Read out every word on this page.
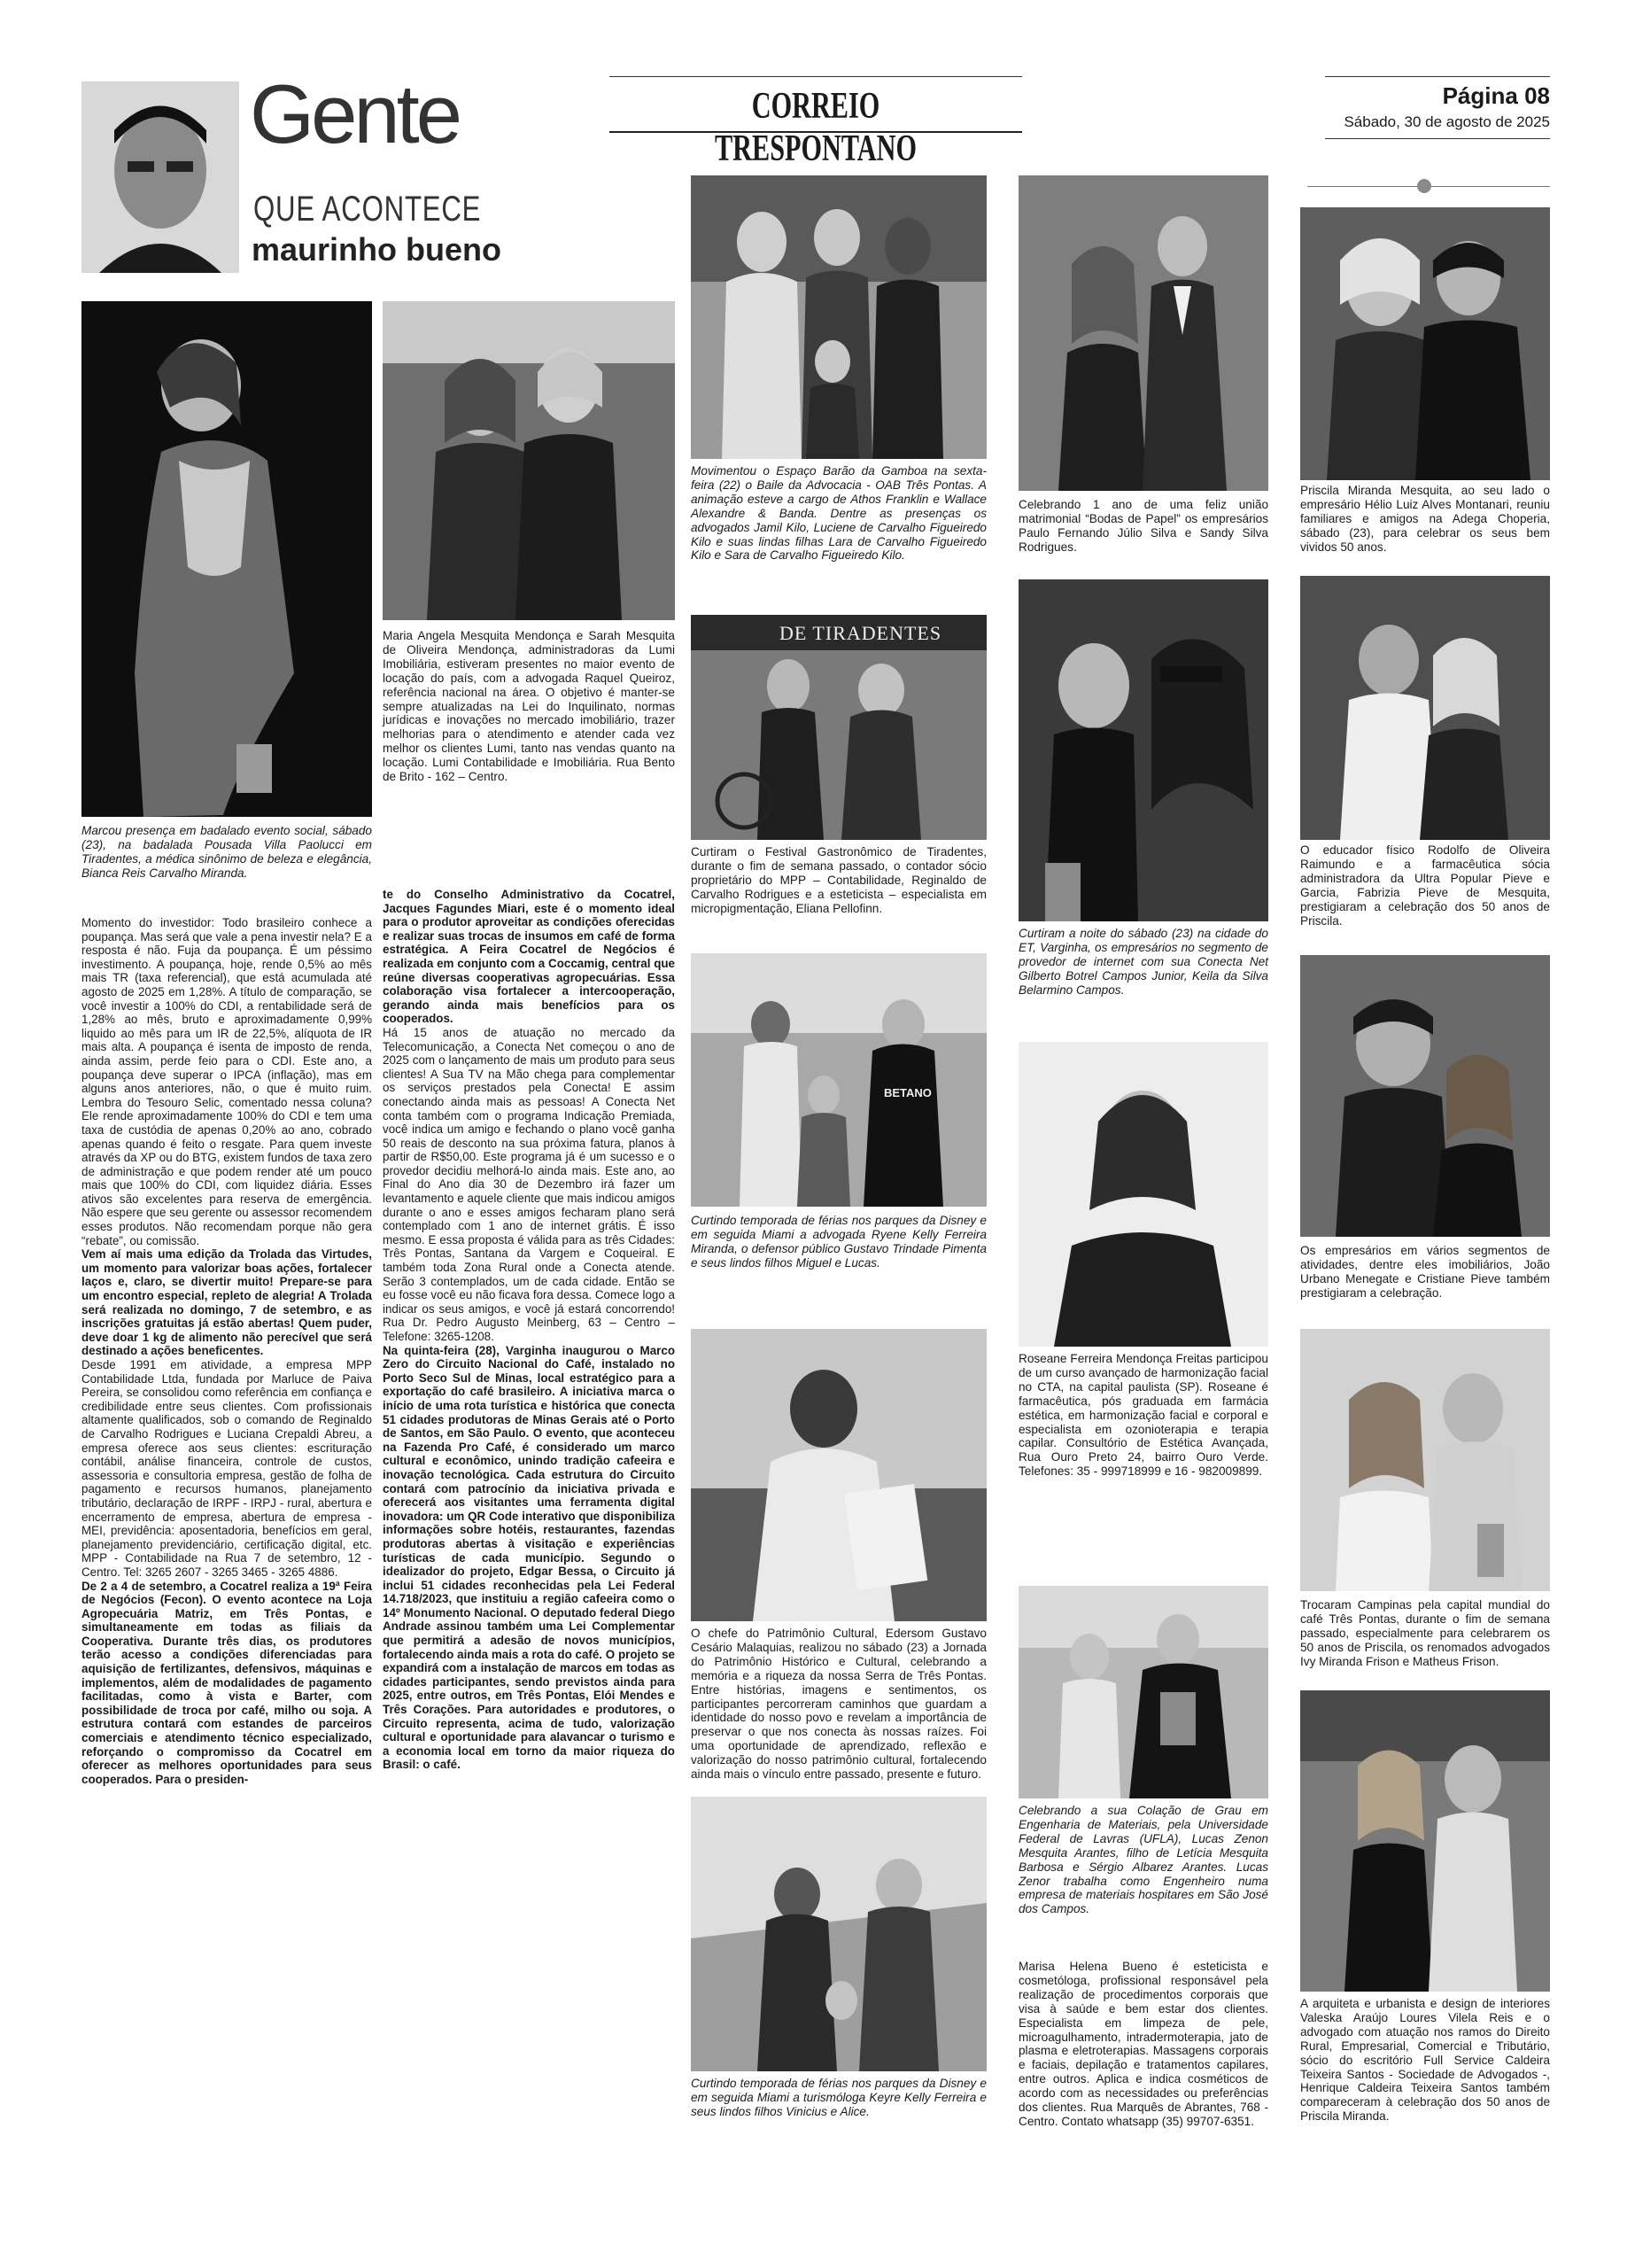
Gente
QUE ACONTECE
maurinho bueno
CORREIO TRESPONTANO
Página 08
Sábado, 30 de agosto de 2025
Marcou presença em badalado evento social, sábado (23), na badalada Pousada Villa Paolucci em Tiradentes, a médica sinônimo de beleza e elegância, Bianca Reis Carvalho Miranda.

Momento do investidor: Todo brasileiro conhece a poupança. Mas será que vale a pena investir nela? E a resposta é não. Fuja da poupança. É um péssimo investimento. A poupança, hoje, rende 0,5% ao mês mais TR (taxa referencial), que está acumulada até agosto de 2025 em 1,28%. A título de comparação, se você investir a 100% do CDI, a rentabilidade será de 1,28% ao mês, bruto e aproximadamente 0,99% liquido ao mês para um IR de 22,5%, alíquota de IR mais alta. A poupança é isenta de imposto de renda, ainda assim, perde feio para o CDI. Este ano, a poupança deve superar o IPCA (inflação), mas em alguns anos anteriores, não, o que é muito ruim. Lembra do Tesouro Selic, comentado nessa coluna? Ele rende aproximadamente 100% do CDI e tem uma taxa de custódia de apenas 0,20% ao ano, cobrado apenas quando é feito o resgate. Para quem investe através da XP ou do BTG, existem fundos de taxa zero de administração e que podem render até um pouco mais que 100% do CDI, com liquidez diária. Esses ativos são excelentes para reserva de emergência. Não espere que seu gerente ou assessor recomendem esses produtos. Não recomendam porque não gera “rebate”, ou comissão.

Vem aí mais uma edição da Trolada das Virtudes, um momento para valorizar boas ações, fortalecer laços e, claro, se divertir muito! Prepare-se para um encontro especial, repleto de alegria! A Trolada será realizada no domingo, 7 de setembro, e as inscrições gratuitas já estão abertas! Quem puder, deve doar 1 kg de alimento não perecível que será destinado a ações beneficentes.

Desde 1991 em atividade, a empresa MPP Contabilidade Ltda, fundada por Marluce de Paiva Pereira, se consolidou como referência em confiança e credibilidade entre seus clientes. Com profissionais altamente qualificados, sob o comando de Reginaldo de Carvalho Rodrigues e Luciana Crepaldi Abreu, a empresa oferece aos seus clientes: escrituração contábil, análise financeira, controle de custos, assessoria e consultoria empresa, gestão de folha de pagamento e recursos humanos, planejamento tributário, declaração de IRPF - IRPJ - rural, abertura e encerramento de empresa, abertura de empresa - MEI, previdência: aposentadoria, benefícios em geral, planejamento previdenciário, certificação digital, etc. MPP - Contabilidade na Rua 7 de setembro, 12 - Centro. Tel: 3265 2607 - 3265 3465 - 3265 4886.

De 2 a 4 de setembro, a Cocatrel realiza a 19ª Feira de Negócios (Fecon). O evento acontece na Loja Agropecuária Matriz, em Três Pontas, e simultaneamente em todas as filiais da Cooperativa. Durante três dias, os produtores terão acesso a condições diferenciadas para aquisição de fertilizantes, defensivos, máquinas e implementos, além de modalidades de pagamento facilitadas, como à vista e Barter, com possibilidade de troca por café, milho ou soja. A estrutura contará com estandes de parceiros comerciais e atendimento técnico especializado, reforçando o compromisso da Cocatrel em oferecer as melhores oportunidades para seus cooperados. Para o presiden-

Maria Angela Mesquita Mendonça e Sarah Mesquita de Oliveira Mendonça, administradoras da Lumi Imobiliária, estiveram presentes no maior evento de locação do país, com a advogada Raquel Queiroz, referência nacional na área. O objetivo é manter-se sempre atualizadas na Lei do Inquilinato, normas jurídicas e inovações no mercado imobiliário, trazer melhorias para o atendimento e atender cada vez melhor os clientes Lumi, tanto nas vendas quanto na locação. Lumi Contabilidade e Imobiliária. Rua Bento de Brito - 162 – Centro.

te do Conselho Administrativo da Cocatrel, Jacques Fagundes Miari, este é o momento ideal para o produtor aproveitar as condições oferecidas e realizar suas trocas de insumos em café de forma estratégica. A Feira Cocatrel de Negócios é realizada em conjunto com a Coccamig, central que reúne diversas cooperativas agropecuárias. Essa colaboração visa fortalecer a intercooperação, gerando ainda mais benefícios para os cooperados.

Há 15 anos de atuação no mercado da Telecomunicação, a Conecta Net começou o ano de 2025 com o lançamento de mais um produto para seus clientes! A Sua TV na Mão chega para complementar os serviços prestados pela Conecta! E assim conectando ainda mais as pessoas! A Conecta Net conta também com o programa Indicação Premiada, você indica um amigo e fechando o plano você ganha 50 reais de desconto na sua próxima fatura, planos à partir de R$50,00. Este programa já é um sucesso e o provedor decidiu melhorá-lo ainda mais. Este ano, ao Final do Ano dia 30 de Dezembro irá fazer um levantamento e aquele cliente que mais indicou amigos durante o ano e esses amigos fecharam plano será contemplado com 1 ano de internet grátis. É isso mesmo. E essa proposta é válida para as três Cidades: Três Pontas, Santana da Vargem e Coqueiral. E também toda Zona Rural onde a Conecta atende. Serão 3 contemplados, um de cada cidade. Então se eu fosse você eu não ficava fora dessa. Comece logo a indicar os seus amigos, e você já estará concorrendo! Rua Dr. Pedro Augusto Meinberg, 63 – Centro – Telefone: 3265-1208.

Na quinta-feira (28), Varginha inaugurou o Marco Zero do Circuito Nacional do Café, instalado no Porto Seco Sul de Minas, local estratégico para a exportação do café brasileiro. A iniciativa marca o início de uma rota turística e histórica que conecta 51 cidades produtoras de Minas Gerais até o Porto de Santos, em São Paulo. O evento, que aconteceu na Fazenda Pro Café, é considerado um marco cultural e econômico, unindo tradição cafeeira e inovação tecnológica. Cada estrutura do Circuito contará com patrocínio da iniciativa privada e oferecerá aos visitantes uma ferramenta digital inovadora: um QR Code interativo que disponibiliza informações sobre hotéis, restaurantes, fazendas produtoras abertas à visitação e experiências turísticas de cada município. Segundo o idealizador do projeto, Edgar Bessa, o Circuito já inclui 51 cidades reconhecidas pela Lei Federal 14.718/2023, que instituiu a região cafeeira como o 14º Monumento Nacional. O deputado federal Diego Andrade assinou também uma Lei Complementar que permitirá a adesão de novos municípios, fortalecendo ainda mais a rota do café. O projeto se expandirá com a instalação de marcos em todas as cidades participantes, sendo previstos ainda para 2025, entre outros, em Três Pontas, Elói Mendes e Três Corações. Para autoridades e produtores, o Circuito representa, acima de tudo, valorização cultural e oportunidade para alavancar o turismo e a economia local em torno da maior riqueza do Brasil: o café.

Movimentou o Espaço Barão da Gamboa na sexta-feira (22) o Baile da Advocacia - OAB Três Pontas. A animação esteve a cargo de Athos Franklin e Wallace Alexandre & Banda. Dentre as presenças os advogados Jamil Kilo, Luciene de Carvalho Figueiredo Kilo e suas lindas filhas Lara de Carvalho Figueiredo Kilo e Sara de Carvalho Figueiredo Kilo.
DE TIRADENTES
Curtiram o Festival Gastronômico de Tiradentes, durante o fim de semana passado, o contador sócio proprietário do MPP – Contabilidade, Reginaldo de Carvalho Rodrigues e a esteticista – especialista em micropigmentação, Eliana Pellofinn.
BETANO
Curtindo temporada de férias nos parques da Disney e em seguida Miami a advogada Ryene Kelly Ferreira Miranda, o defensor público Gustavo Trindade Pimenta e seus lindos filhos Miguel e Lucas.
O chefe do Patrimônio Cultural, Edersom Gustavo Cesário Malaquias, realizou no sábado (23) a Jornada do Patrimônio Histórico e Cultural, celebrando a memória e a riqueza da nossa Serra de Três Pontas. Entre histórias, imagens e sentimentos, os participantes percorreram caminhos que guardam a identidade do nosso povo e revelam a importância de preservar o que nos conecta às nossas raízes. Foi uma oportunidade de aprendizado, reflexão e valorização do nosso patrimônio cultural, fortalecendo ainda mais o vínculo entre passado, presente e futuro.
Curtindo temporada de férias nos parques da Disney e em seguida Miami a turismóloga Keyre Kelly Ferreira e seus lindos filhos Vinicius e Alice.
Celebrando 1 ano de uma feliz união matrimonial “Bodas de Papel” os empresários Paulo Fernando Júlio Silva e Sandy Silva Rodrigues.
Curtiram a noite do sábado (23) na cidade do ET, Varginha, os empresários no segmento de provedor de internet com sua Conecta Net Gilberto Botrel Campos Junior, Keila da Silva Belarmino Campos.
Roseane Ferreira Mendonça Freitas participou de um curso avançado de harmonização facial no CTA, na capital paulista (SP). Roseane é farmacêutica, pós graduada em farmácia estética, em harmonização facial e corporal e especialista em ozonioterapia e terapia capilar. Consultório de Estética Avançada, Rua Ouro Preto 24, bairro Ouro Verde. Telefones: 35 - 999718999 e 16 - 982009899.
Celebrando a sua Colação de Grau em Engenharia de Materiais, pela Universidade Federal de Lavras (UFLA), Lucas Zenon Mesquita Arantes, filho de Letícia Mesquita Barbosa e Sérgio Albarez Arantes. Lucas Zenor trabalha como Engenheiro numa empresa de materiais hospitares em São José dos Campos.
Marisa Helena Bueno é esteticista e cosmetóloga, profissional responsável pela realização de procedimentos corporais que visa à saúde e bem estar dos clientes. Especialista em limpeza de pele, microagulhamento, intradermoterapia, jato de plasma e eletroterapias. Massagens corporais e faciais, depilação e tratamentos capilares, entre outros. Aplica e indica cosméticos de acordo com as necessidades ou preferências dos clientes. Rua Marquês de Abrantes, 768 - Centro. Contato whatsapp (35) 99707-6351.
Priscila Miranda Mesquita, ao seu lado o empresário Hélio Luiz Alves Montanari, reuniu familiares e amigos na Adega Choperia, sábado (23), para celebrar os seus bem vividos 50 anos.
O educador físico Rodolfo de Oliveira Raimundo e a farmacêutica sócia administradora da Ultra Popular Pieve e Garcia, Fabrizia Pieve de Mesquita, prestigiaram a celebração dos 50 anos de Priscila.
Os empresários em vários segmentos de atividades, dentre eles imobiliários, João Urbano Menegate e Cristiane Pieve também prestigiaram a celebração.
Trocaram Campinas pela capital mundial do café Três Pontas, durante o fim de semana passado, especialmente para celebrarem os 50 anos de Priscila, os renomados advogados Ivy Miranda Frison e Matheus Frison.
A arquiteta e urbanista e design de interiores Valeska Araújo Loures Vilela Reis e o advogado com atuação nos ramos do Direito Rural, Empresarial, Comercial e Tributário, sócio do escritório Full Service Caldeira Teixeira Santos - Sociedade de Advogados -, Henrique Caldeira Teixeira Santos também compareceram à celebração dos 50 anos de Priscila Miranda.
